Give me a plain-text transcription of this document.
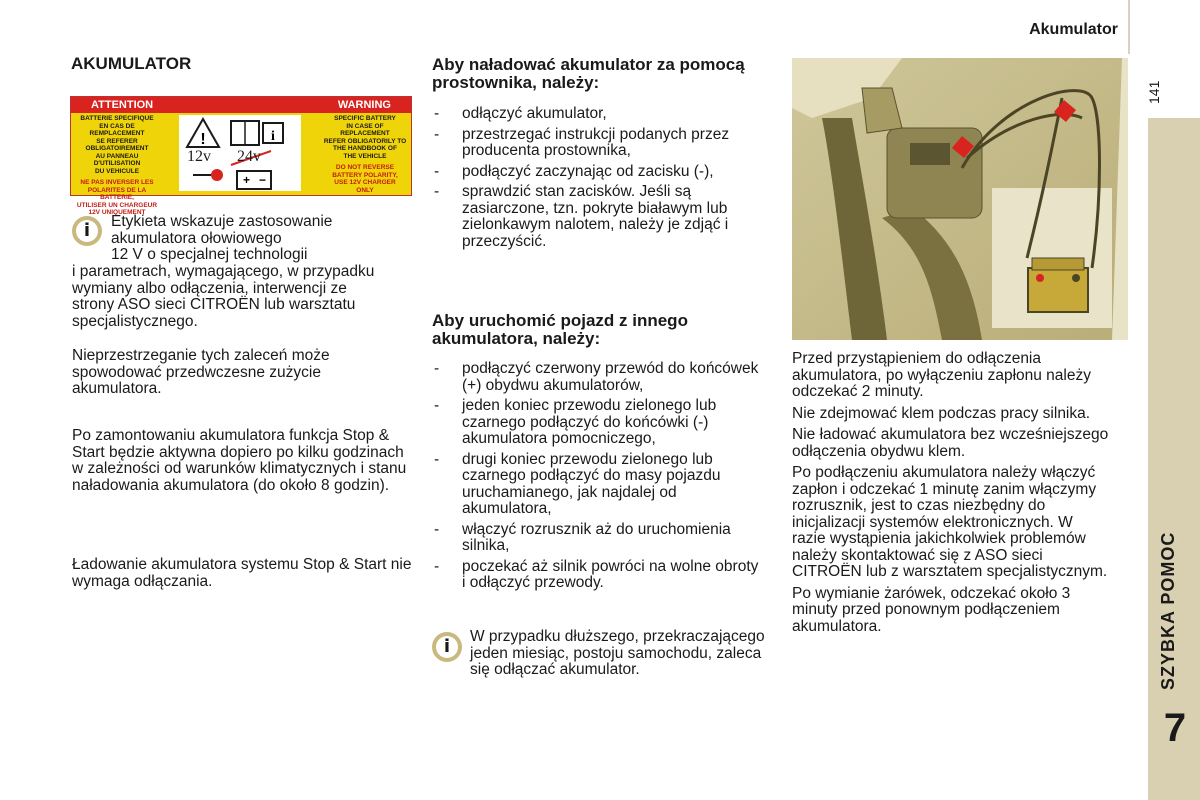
Akumulator
141
SZYBKA POMOC
7
AKUMULATOR
ATTENTION	WARNING
BATTERIE SPECIFIQUE
EN CAS DE REMPLACEMENT
SE REFERER OBLIGATOIREMENT
AU PANNEAU D'UTILISATION
DU VEHICULE
NE PAS INVERSER LES
POLARITES DE LA BATTERIE,
UTILISER UN CHARGEUR
12V UNIQUEMENT
!	i
+ −
12v 24v
SPECIFIC BATTERY
IN CASE OF REPLACEMENT
REFER OBLIGATORILY TO
THE HANDBOOK OF
THE VEHICLE
DO NOT REVERSE
BATTERY POLARITY,
USE 12V CHARGER
ONLY
i	Etykieta wskazuje zastosowanie
akumulatora ołowiowego
12 V o specjalnej technologii

i parametrach, wymagającego, w przypadku wymiany albo odłączenia, interwencji ze strony ASO sieci CITROËN lub warsztatu specjalistycznego.

Nieprzestrzeganie tych zaleceń może spowodować przedwczesne zużycie akumulatora.

Po zamontowaniu akumulatora funkcja Stop & Start będzie aktywna dopiero po kilku godzinach w zależności od warunków klimatycznych i stanu naładowania akumulatora (do około 8 godzin).

Ładowanie akumulatora systemu Stop & Start nie wymaga odłączania.

Aby naładować akumulator za pomocą prostownika, należy:
- odłączyć akumulator,
- przestrzegać instrukcji podanych przez producenta prostownika,
- podłączyć zaczynając od zacisku (-),
- sprawdzić stan zacisków. Jeśli są zasiarczone, tzn. pokryte białawym lub zielonkawym nalotem, należy je zdjąć i przeczyścić.
Aby uruchomić pojazd z innego akumulatora, należy:
- podłączyć czerwony przewód do końcówek (+) obydwu akumulatorów,
- jeden koniec przewodu zielonego lub czarnego podłączyć do końcówki (-) akumulatora pomocniczego,
- drugi koniec przewodu zielonego lub czarnego podłączyć do masy pojazdu uruchamianego, jak najdalej od akumulatora,
- włączyć rozrusznik aż do uruchomienia silnika,
- poczekać aż silnik powróci na wolne obroty i odłączyć przewody.
i	W przypadku dłuższego, przekraczającego jeden miesiąc, postoju samochodu, zaleca się odłączać akumulator.

Przed przystąpieniem do odłączenia akumulatora, po wyłączeniu zapłonu należy odczekać 2 minuty.

Nie zdejmować klem podczas pracy silnika.

Nie ładować akumulatora bez wcześniejszego odłączenia obydwu klem.

Po podłączeniu akumulatora należy włączyć zapłon i odczekać 1 minutę zanim włączymy rozrusznik, jest to czas niezbędny do inicjalizacji systemów elektronicznych. W razie wystąpienia jakichkolwiek problemów należy skontaktować się z ASO sieci CITROËN lub z warsztatem specjalistycznym.

Po wymianie żarówek, odczekać około 3 minuty przed ponownym podłączeniem akumulatora.
